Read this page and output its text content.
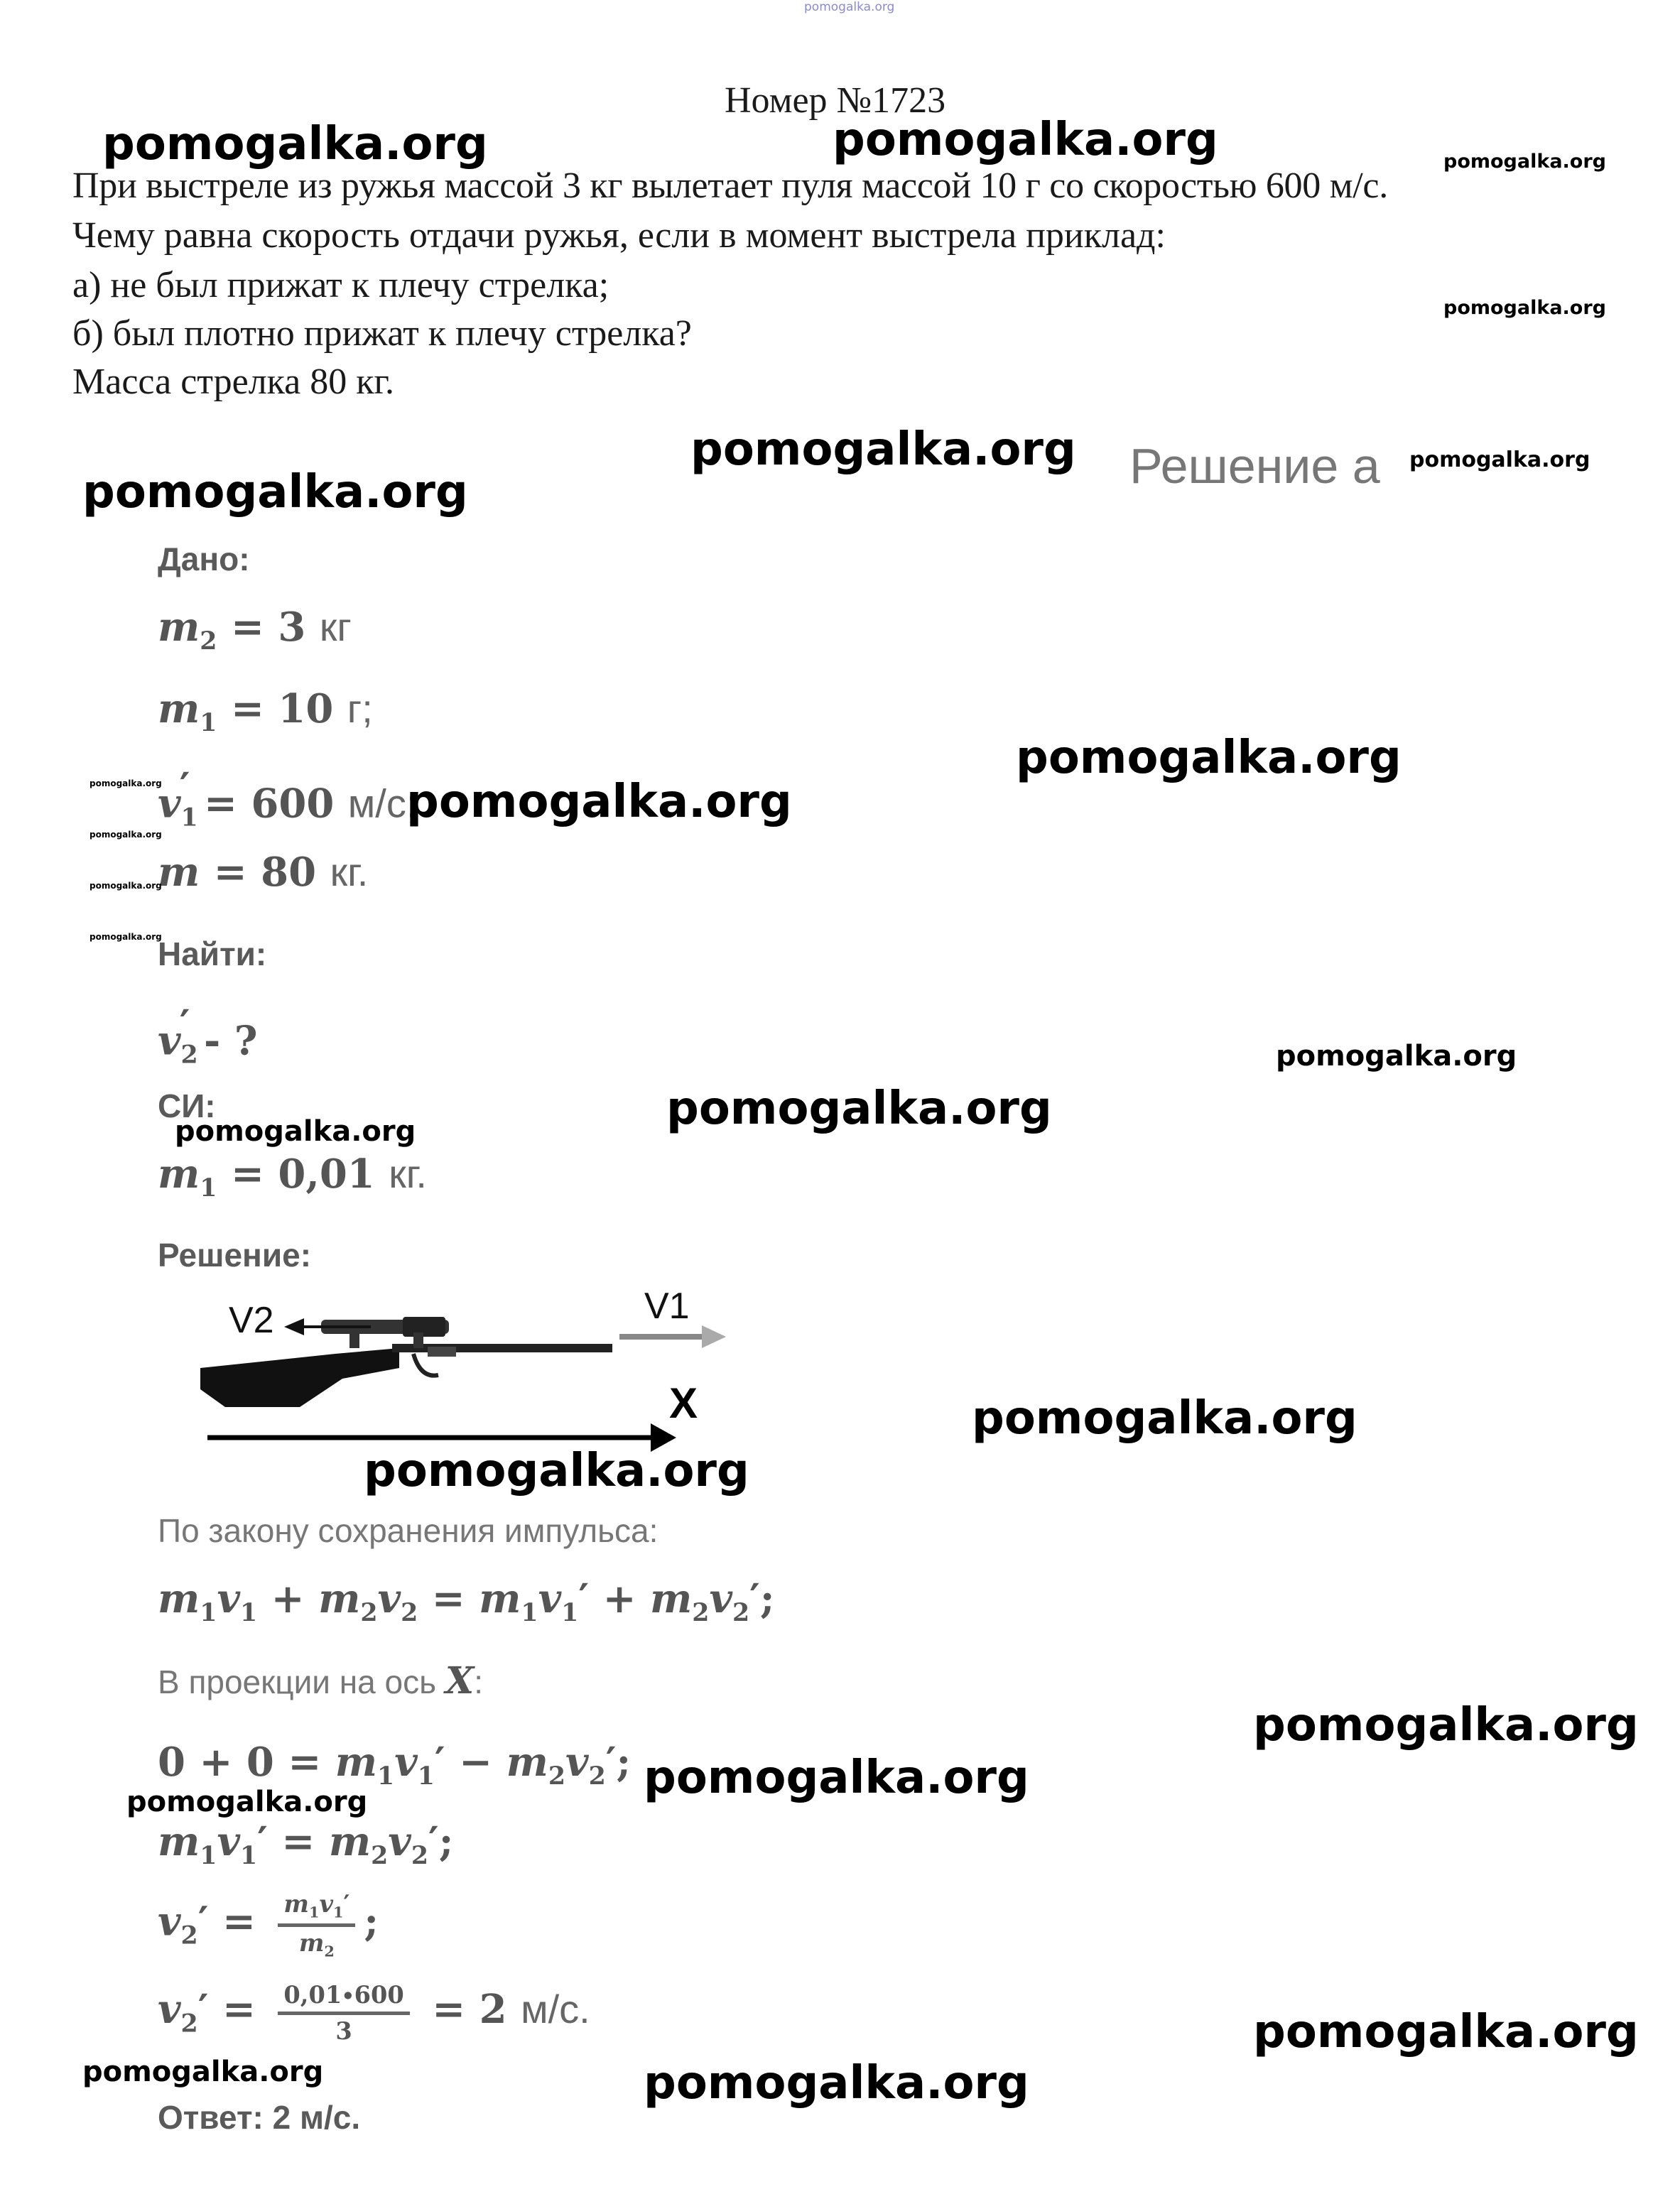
pomogalka.org
Номер №1723
При выстреле из ружья массой 3 кг вылетает пуля массой 10 г со скоростью 600 м/с.
Чему равна скорость отдачи ружья, если в момент выстрела приклад:
а) не был прижат к плечу стрелка;
б) был плотно прижат к плечу стрелка?
Масса стрелка 80 кг.
Решение а
Дано:
$m_2 = 3$ кг
$m_1 = 10$ г;
$v_1' = 600$ м/с;
m = 80 кг.
Найти:
$v_2'$ - ?
СИ:
$m_1 = 0,01$ кг.
Решение:
V2	V1
X
По закону сохранения импульса:
$m_1v_1 + m_2v_2 = m_1v_1' + m_2v_2'$;
В проекции на ось X:
$0 + 0 = m_1v_1' - m_2v_2'$;
$m_1v_1' = m_2v_2'$;
$v_2' = \frac{m_1v_1'}{m_2}$ ;
$v_2' = \frac{0,01\cdot 600}{3} = 2$ м/с.
Ответ: 2 м/с.
pomogalka.org	pomogalka.org	pomogalka.org
pomogalka.org
pomogalka.org	pomogalka.org
pomogalka.org
pomogalka.org
pomogalka.org	pomogalka.org
pomogalka.org
pomogalka.org
pomogalka.org
pomogalka.org
pomogalka.org
pomogalka.org
pomogalka.org
pomogalka.org
pomogalka.org
pomogalka.org
pomogalka.org
pomogalka.org
pomogalka.org	pomogalka.org
